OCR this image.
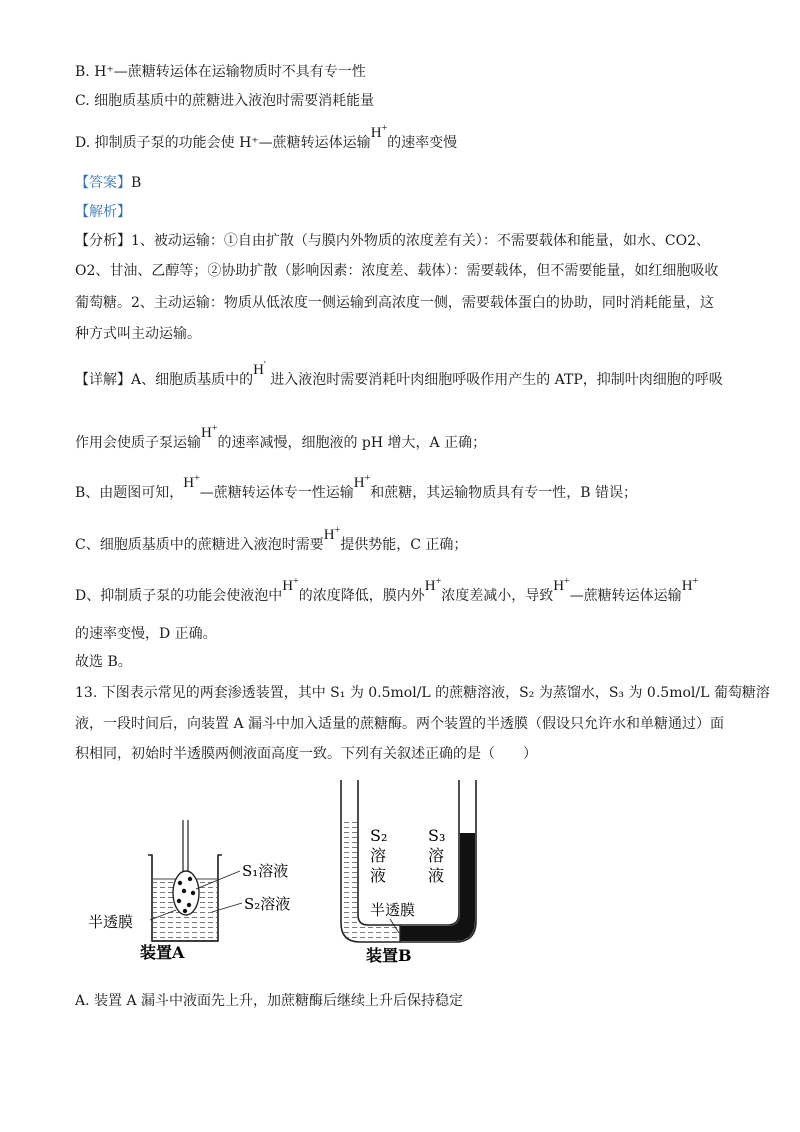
B. H⁺—蔗糖转运体在运输物质时不具有专一性
C. 细胞质基质中的蔗糖进入液泡时需要消耗能量
D. 抑制质子泵的功能会使 H⁺—蔗糖转运体运输H+的速率变慢
【答案】B
【解析】
【分析】1、被动运输：①自由扩散（与膜内外物质的浓度差有关）：不需要载体和能量，如水、CO2、
O2、甘油、乙醇等；②协助扩散（影响因素：浓度差、载体）：需要载体，但不需要能量，如红细胞吸收
葡萄糖。2、主动运输：物质从低浓度一侧运输到高浓度一侧，需要载体蛋白的协助，同时消耗能量，这
种方式叫主动运输。
【详解】A、细胞质基质中的H' 进入液泡时需要消耗叶肉细胞呼吸作用产生的 ATP，抑制叶肉细胞的呼吸
作用会使质子泵运输H+的速率减慢，细胞液的 pH 增大，A 正确；
B、由题图可知，H+—蔗糖转运体专一性运输H+和蔗糖，其运输物质具有专一性，B 错误；
C、细胞质基质中的蔗糖进入液泡时需要H+提供势能，C 正确；
D、抑制质子泵的功能会使液泡中H+的浓度降低，膜内外H+浓度差减小，导致H+—蔗糖转运体运输H+
的速率变慢，D 正确。
故选 B。
13. 下图表示常见的两套渗透装置，其中 S₁ 为 0.5mol/L 的蔗糖溶液，S₂ 为蒸馏水，S₃ 为 0.5mol/L 葡萄糖溶
液，一段时间后，向装置 A 漏斗中加入适量的蔗糖酶。两个装置的半透膜（假设只允许水和单糖通过）面
积相同，初始时半透膜两侧液面高度一致。下列有关叙述正确的是（　　）
S₁溶液
S₂溶液
半透膜
装置A
S₂
溶
液
S₃
溶
液
半透膜
装置B
A. 装置 A 漏斗中液面先上升，加蔗糖酶后继续上升后保持稳定
